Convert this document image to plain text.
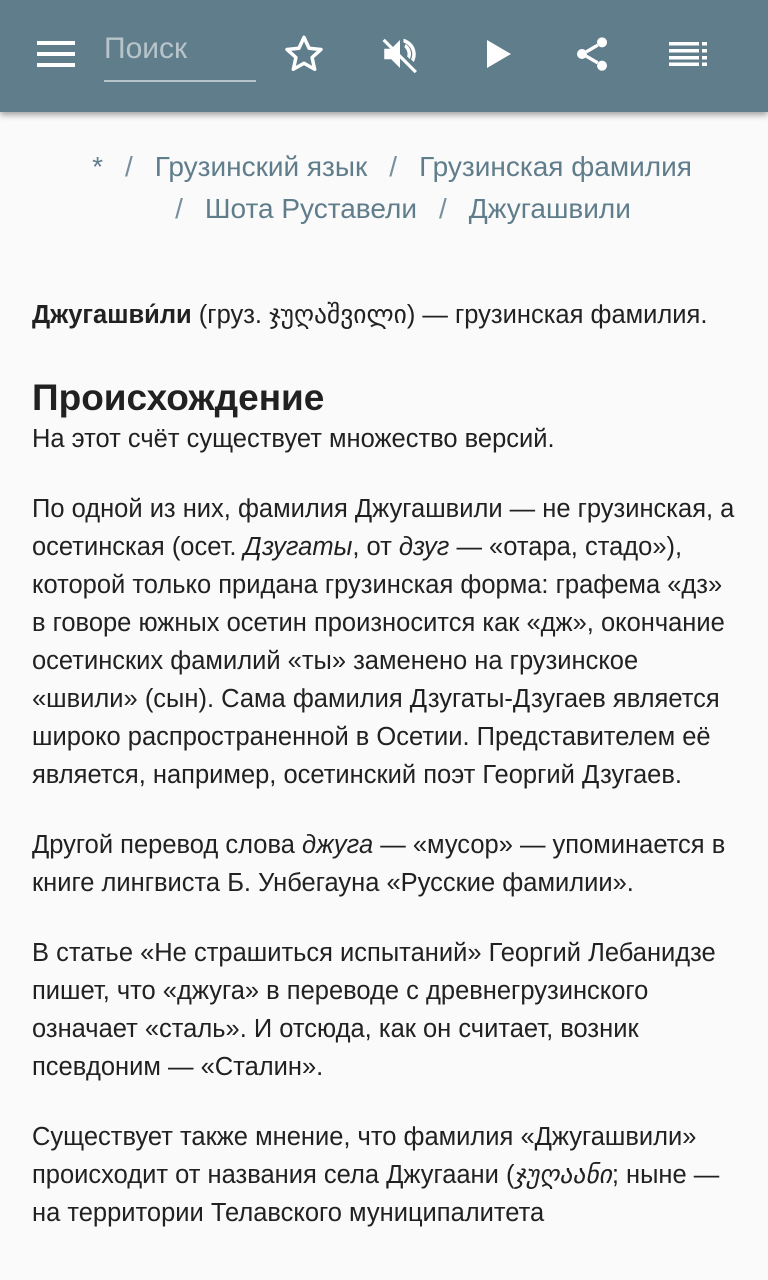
Поиск
* / Грузинский язык / Грузинская фамилия
/ Шота Руставели / Джугашвили

Джугашви́ли (груз. ჯუღაშვილი) — грузинская фамилия.

Происхождение

На этот счёт существует множество версий.

По одной из них, фамилия Джугашвили — не грузинская, а осетинская (осет. Дзугаты, от дзуг — «отара, стадо»), которой только придана грузинская форма: графема «дз» в говоре южных осетин произносится как «дж», окончание осетинских фамилий «ты» заменено на грузинское «швили» (сын). Сама фамилия Дзугаты-Дзугаев является широко распространенной в Осетии. Представителем её является, например, осетинский поэт Георгий Дзугаев.

Другой перевод слова джуга — «мусор» — упоминается в книге лингвиста Б. Унбегауна «Русские фамилии».

В статье «Не страшиться испытаний» Георгий Лебанидзе пишет, что «джуга» в переводе с древнегрузинского означает «сталь». И отсюда, как он считает, возник псевдоним — «Сталин».

Существует также мнение, что фамилия «Джугашвили» происходит от названия села Джугаани (ჯუღაანი; ныне — на территории Телавского муниципалитета
